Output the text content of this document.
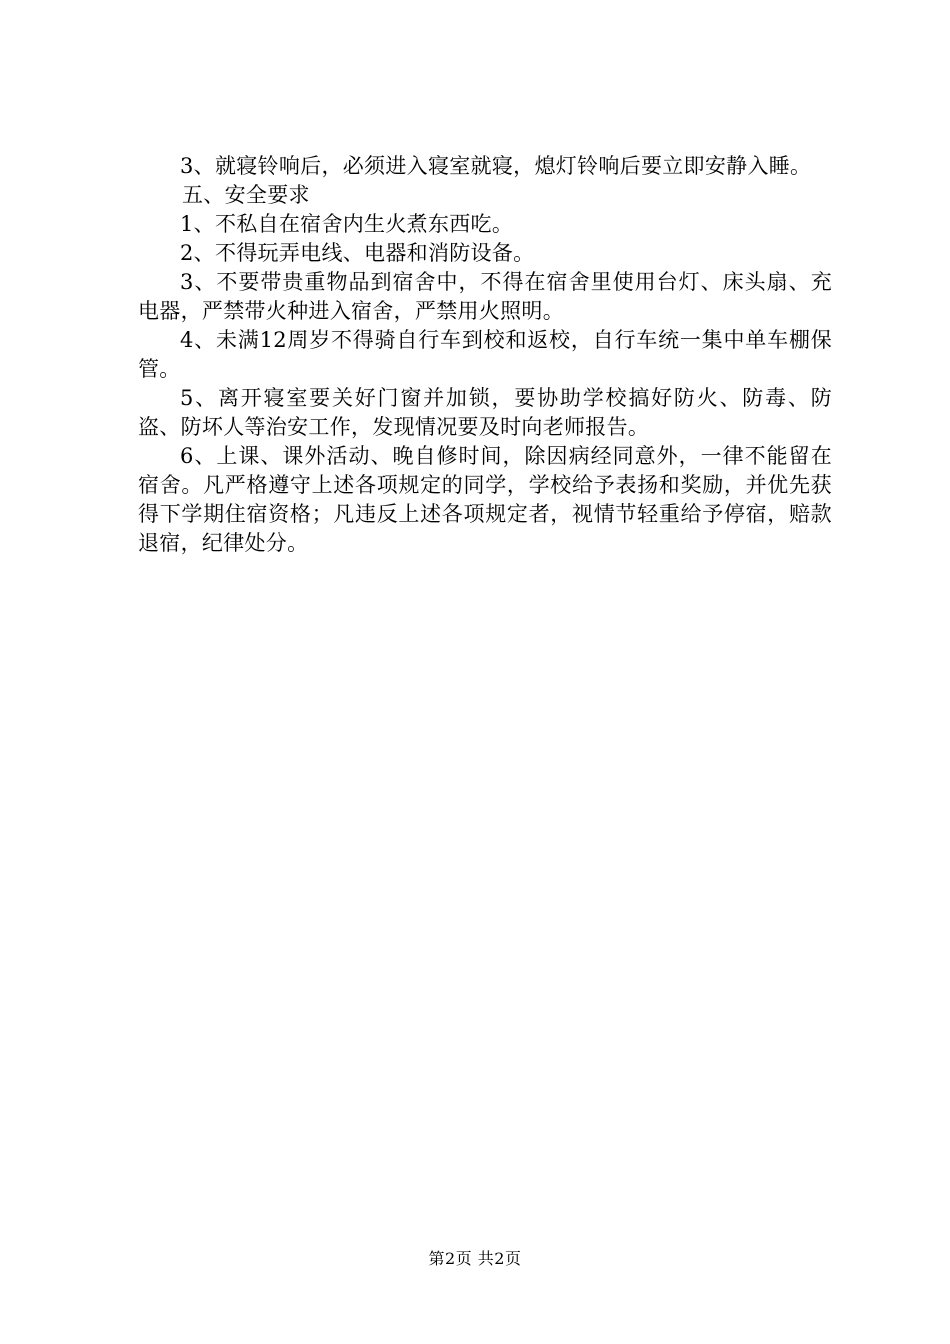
3、就寝铃响后，必须进入寝室就寝，熄灯铃响后要立即安静入睡。

五、安全要求

1、不私自在宿舍内生火煮东西吃。

2、不得玩弄电线、电器和消防设备。

3、不要带贵重物品到宿舍中，不得在宿舍里使用台灯、床头扇、充电器，严禁带火种进入宿舍，严禁用火照明。

4、未满12周岁不得骑自行车到校和返校，自行车统一集中单车棚保管。

5、离开寝室要关好门窗并加锁，要协助学校搞好防火、防毒、防盗、防坏人等治安工作，发现情况要及时向老师报告。

6、上课、课外活动、晚自修时间，除因病经同意外，一律不能留在宿舍。凡严格遵守上述各项规定的同学，学校给予表扬和奖励，并优先获得下学期住宿资格；凡违反上述各项规定者，视情节轻重给予停宿，赔款退宿，纪律处分。

第2页 共2页
